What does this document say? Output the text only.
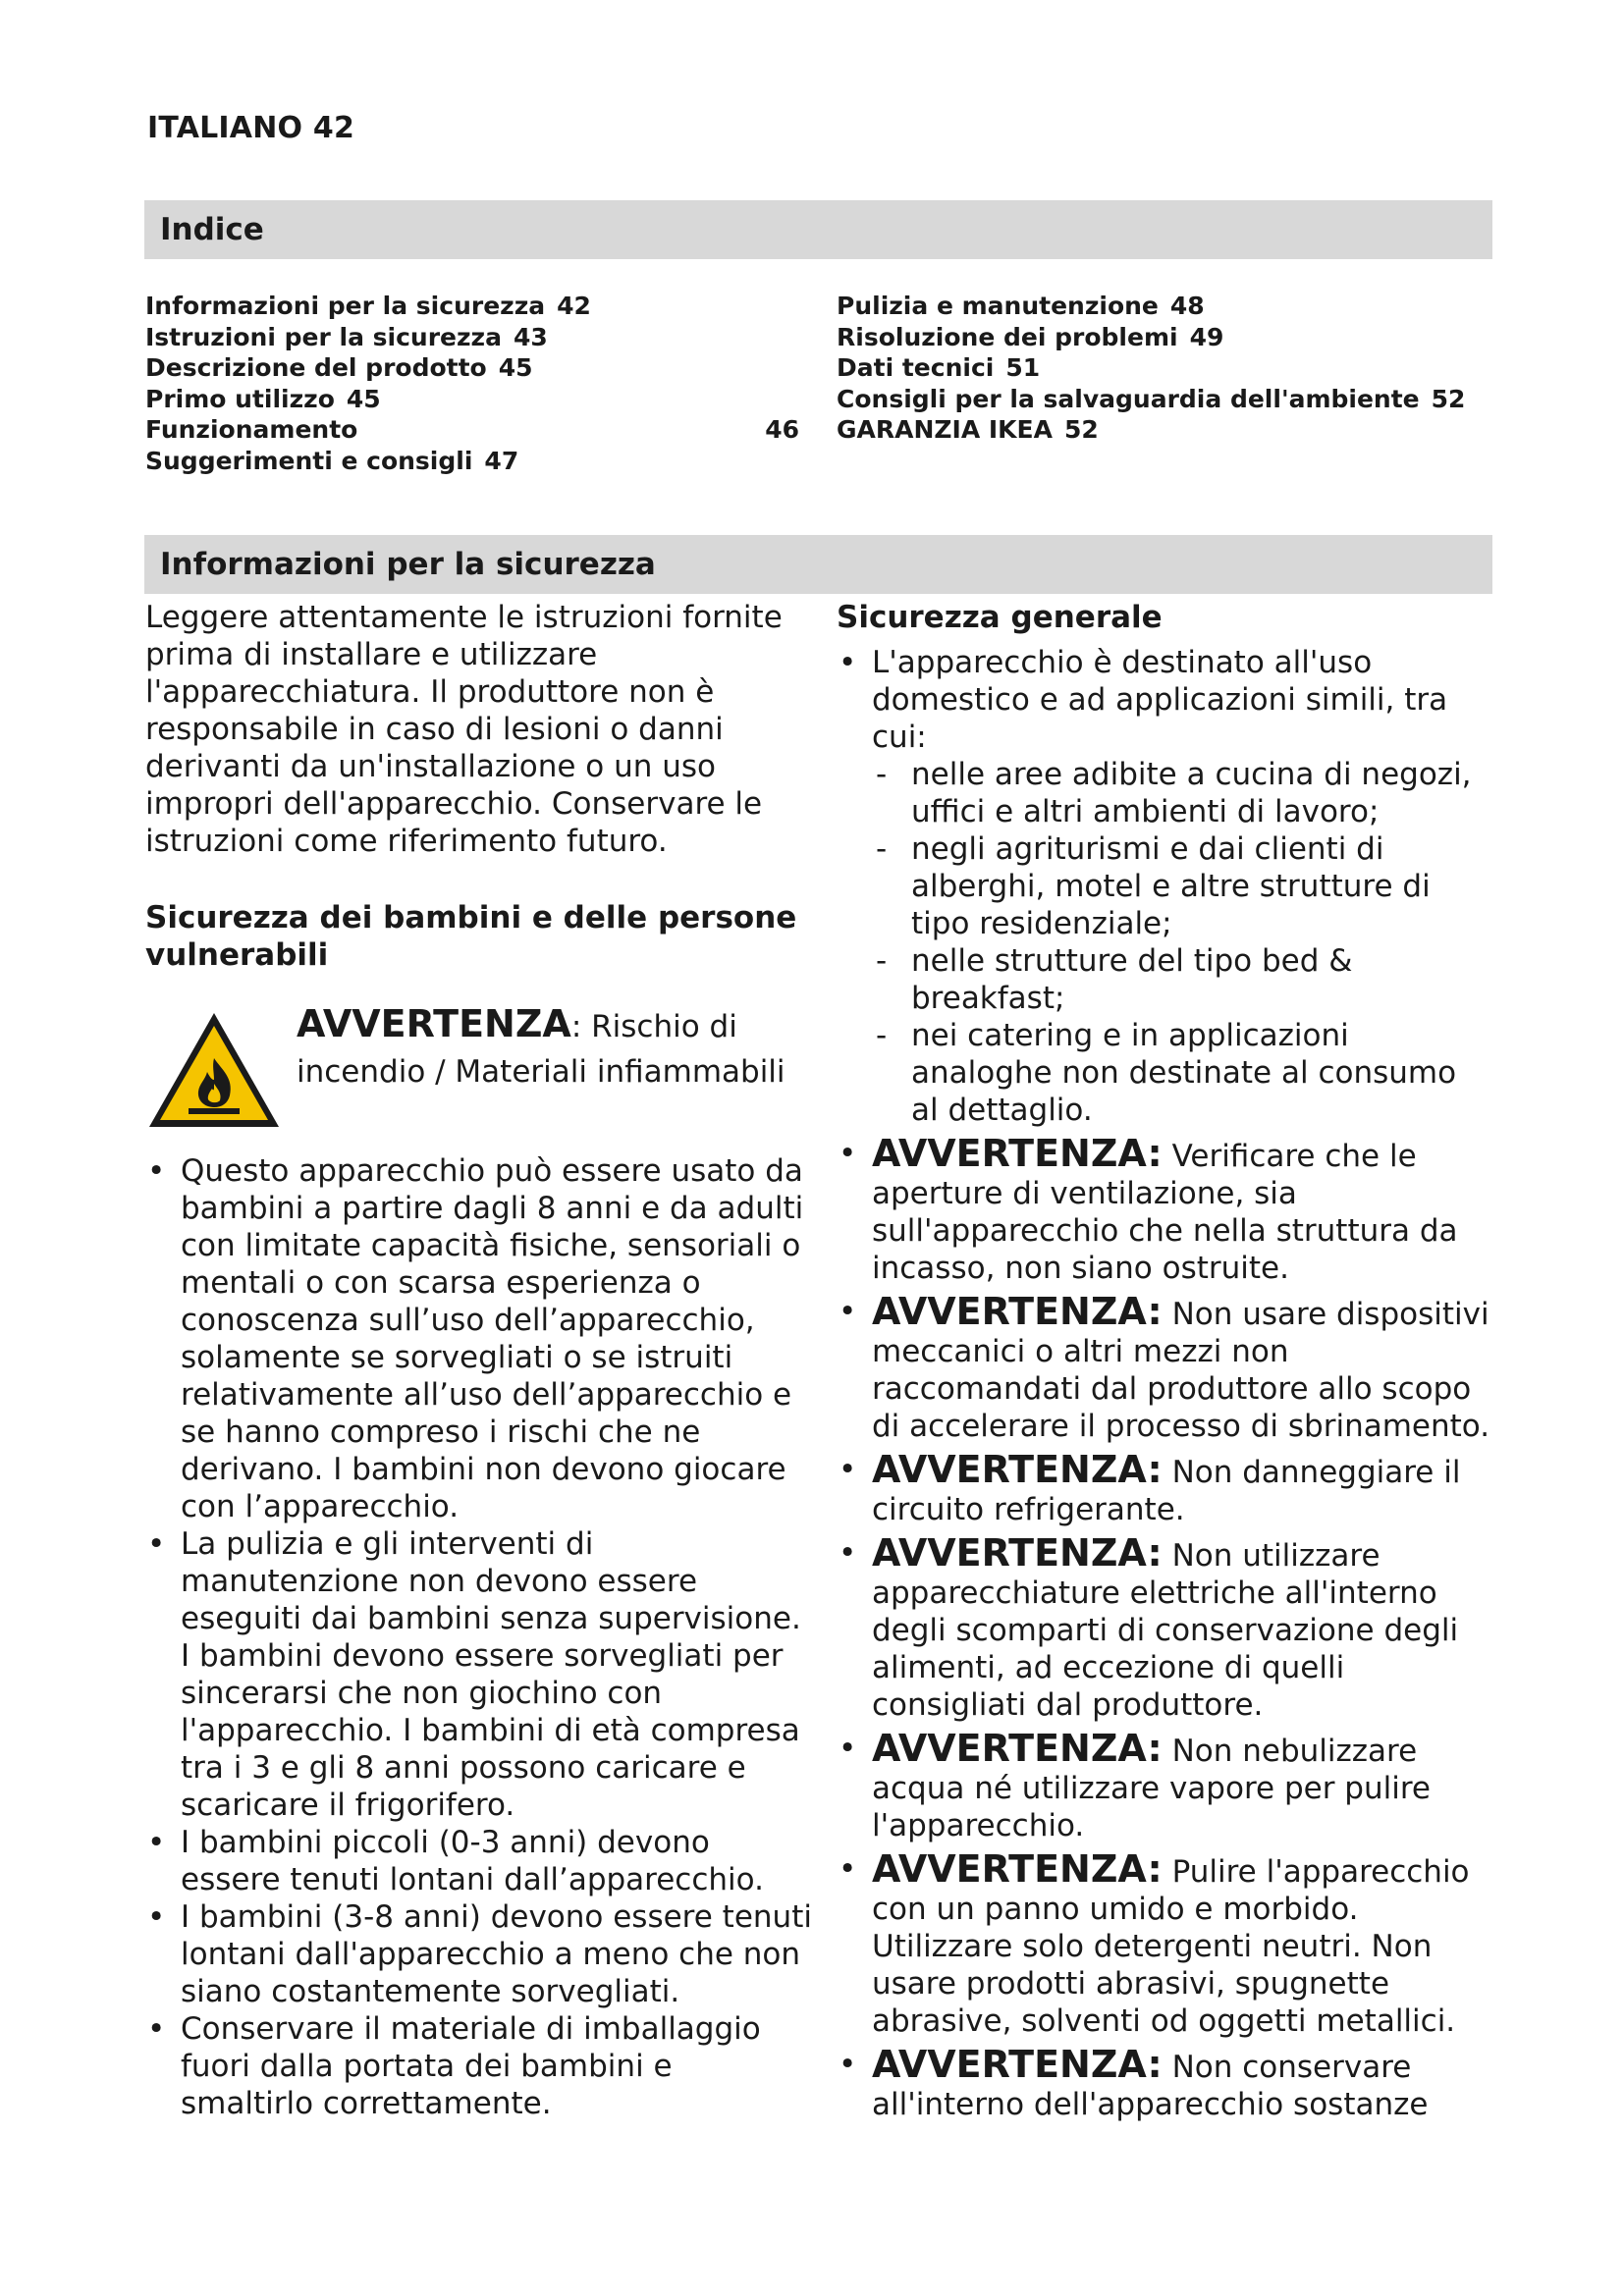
ITALIANO 42
Indice
Informazioni per la sicurezza 42
Istruzioni per la sicurezza 43
Descrizione del prodotto 45
Primo utilizzo 45
Funzionamento	46
Suggerimenti e consigli 47
Pulizia e manutenzione 48
Risoluzione dei problemi 49
Dati tecnici 51
Consigli per la salvaguardia dell'ambiente 52
GARANZIA IKEA 52
Informazioni per la sicurezza

Leggere attentamente le istruzioni fornite prima di installare e utilizzare l'apparecchiatura. Il produttore non è responsabile in caso di lesioni o danni derivanti da un'installazione o un uso impropri dell'apparecchio. Conservare le istruzioni come riferimento futuro.

Sicurezza dei bambini e delle persone vulnerabili

AVVERTENZA: Rischio di incendio / Materiali infiammabili
• Questo apparecchio può essere usato da bambini a partire dagli 8 anni e da adulti con limitate capacità fisiche, sensoriali o mentali o con scarsa esperienza o conoscenza sull’uso dell’apparecchio, solamente se sorvegliati o se istruiti relativamente all’uso dell’apparecchio e se hanno compreso i rischi che ne derivano. I bambini non devono giocare con l’apparecchio.
• La pulizia e gli interventi di manutenzione non devono essere eseguiti dai bambini senza supervisione. I bambini devono essere sorvegliati per sincerarsi che non giochino con l'apparecchio. I bambini di età compresa tra i 3 e gli 8 anni possono caricare e scaricare il frigorifero.
• I bambini piccoli (0-3 anni) devono essere tenuti lontani dall’apparecchio.
• I bambini (3-8 anni) devono essere tenuti lontani dall'apparecchio a meno che non siano costantemente sorvegliati.
• Conservare il materiale di imballaggio fuori dalla portata dei bambini e smaltirlo correttamente.

Sicurezza generale

• L'apparecchio è destinato all'uso domestico e ad applicazioni simili, tra cui:
- nelle aree adibite a cucina di negozi, uffici e altri ambienti di lavoro;
- negli agriturismi e dai clienti di alberghi, motel e altre strutture di tipo residenziale;
- nelle strutture del tipo bed & breakfast;
- nei catering e in applicazioni analoghe non destinate al consumo al dettaglio.
• AVVERTENZA: Verificare che le aperture di ventilazione, sia sull'apparecchio che nella struttura da incasso, non siano ostruite.
• AVVERTENZA: Non usare dispositivi meccanici o altri mezzi non raccomandati dal produttore allo scopo di accelerare il processo di sbrinamento.
• AVVERTENZA: Non danneggiare il circuito refrigerante.
• AVVERTENZA: Non utilizzare apparecchiature elettriche all'interno degli scomparti di conservazione degli alimenti, ad eccezione di quelli consigliati dal produttore.
• AVVERTENZA: Non nebulizzare acqua né utilizzare vapore per pulire l'apparecchio.
• AVVERTENZA: Pulire l'apparecchio con un panno umido e morbido. Utilizzare solo detergenti neutri. Non usare prodotti abrasivi, spugnette abrasive, solventi od oggetti metallici.
• AVVERTENZA: Non conservare all'interno dell'apparecchio sostanze
